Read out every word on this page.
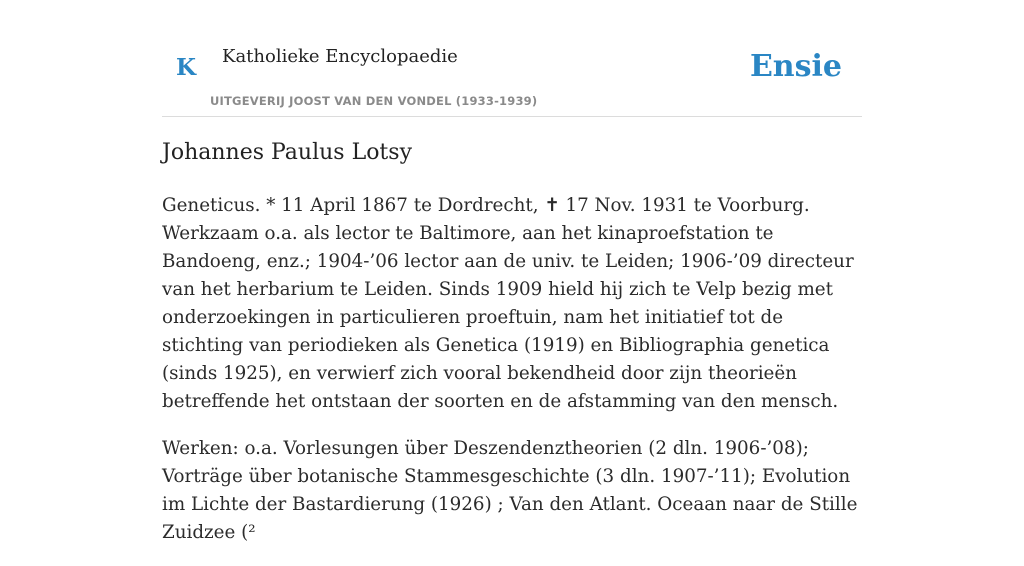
K Katholieke Encyclopaedie
UITGEVERIJ JOOST VAN DEN VONDEL (1933-1939)
Ensie
Johannes Paulus Lotsy

Geneticus. * 11 April 1867 te Dordrecht, ✝ 17 Nov. 1931 te Voorburg. Werkzaam o.a. als lector te Baltimore, aan het kinaproefstation te Bandoeng, enz.; 1904-’06 lector aan de univ. te Leiden; 1906-’09 directeur van het herbarium te Leiden. Sinds 1909 hield hij zich te Velp bezig met onderzoekingen in particulieren proeftuin, nam het initiatief tot de stichting van periodieken als Genetica (1919) en Bibliographia genetica (sinds 1925), en verwierf zich vooral bekendheid door zijn theorieën betreffende het ontstaan der soorten en de afstamming van den mensch.

Werken: o.a. Vorlesungen über Deszendenztheorien (2 dln. 1906-’08); Vorträge über botanische Stammesgeschichte (3 dln. 1907-’11); Evolution im Lichte der Bastardierung (1926) ; Van den Atlant. Oceaan naar de Stille Zuidzee (²
